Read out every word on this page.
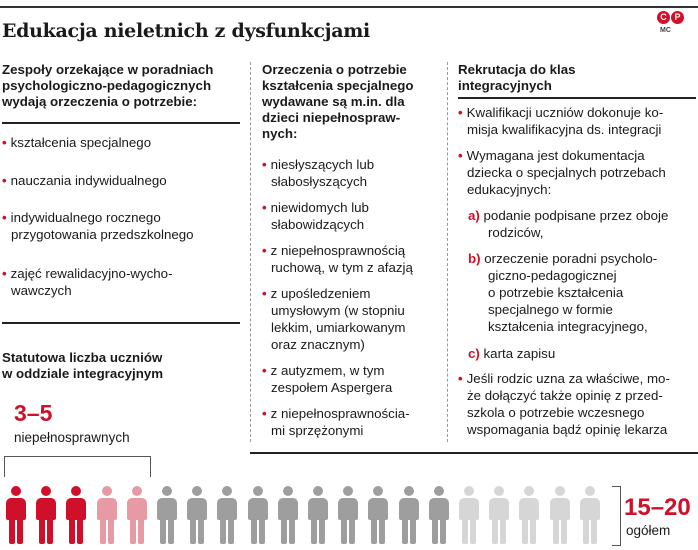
Edukacja nieletnich z dysfunkcjami
C PMC
Zespoły orzekające w poradniach
psychologiczno-pedagogicznych
wydają orzeczenia o potrzebie:
• kształcenia specjalnego
• nauczania indywidualnego
• indywidualnego rocznego
przygotowania przedszkolnego
• zajęć rewalidacyjno-wycho-
wawczych
Statutowa liczba uczniów
w oddziale integracyjnym
3–5
niepełnosprawnych
Orzeczenia o potrzebie
kształcenia specjalnego
wydawane są m.in. dla
dzieci niepełnospraw-
nych:
• niesłyszących lub
słabosłyszących
• niewidomych lub
słabowidzących
• z niepełnosprawnością
ruchową, w tym z afazją
• z upośledzeniem
umysłowym (w stopniu
lekkim, umiarkowanym
oraz znacznym)
• z autyzmem, w tym
zespołem Aspergera
• z niepełnosprawnościa-
mi sprzężonymi
Rekrutacja do klas
integracyjnych
• Kwalifikacji uczniów dokonuje ko-
misja kwalifikacyjna ds. integracji
• Wymagana jest dokumentacja
dziecka o specjalnych potrzebach
edukacyjnych:
a) podanie podpisane przez oboje
rodziców,
b) orzeczenie poradni psycholo-
giczno-pedagogicznej
o potrzebie kształcenia
specjalnego w formie
kształcenia integracyjnego,
c) karta zapisu
• Jeśli rodzic uzna za właściwe, mo-
że dołączyć także opinię z przed-
szkola o potrzebie wczesnego
wspomagania bądź opinię lekarza
15–20
ogółem
